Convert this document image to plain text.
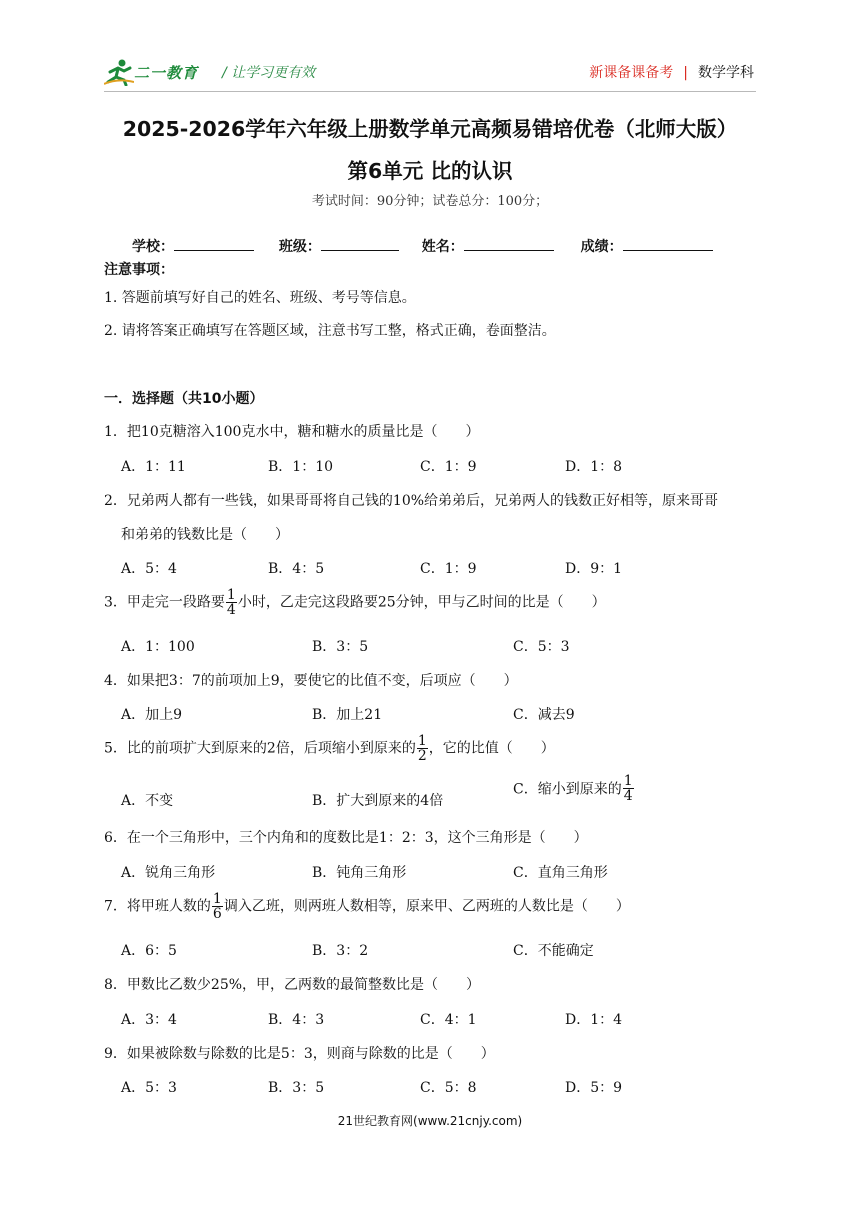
二一教育 / 让学习更有效	新课备课备考 | 数学学科
2025-2026学年六年级上册数学单元高频易错培优卷（北师大版）
第6单元 比的认识
考试时间：90分钟；试卷总分：100分；
学校：	班级：	姓名：	成绩：
注意事项：
1. 答题前填写好自己的姓名、班级、考号等信息。
2. 请将答案正确填写在答题区域，注意书写工整，格式正确，卷面整洁。
一．选择题（共10小题）
1．把10克糖溶入100克水中，糖和糖水的质量比是（　　）
A．1：11	B．1：10	C．1：9	D．1：8
2．兄弟两人都有一些钱，如果哥哥将自己钱的10%给弟弟后，兄弟两人的钱数正好相等，原来哥哥
和弟弟的钱数比是（　　）
A．5：4	B．4：5	C．1：9	D．9：1
3．甲走完一段路要 $\frac{1}{4}$ 小时，乙走完这段路要25分钟，甲与乙时间的比是（　　）
A．1：100	B．3：5	C．5：3
4．如果把3：7的前项加上9，要使它的比值不变，后项应（　　）
A．加上9	B．加上21	C．减去9
5．比的前项扩大到原来的2倍，后项缩小到原来的 $\frac{1}{2}$ ，它的比值（　　）
A．不变	B．扩大到原来的4倍
C．缩小到原来的 $\frac{1}{4}$
6．在一个三角形中，三个内角和的度数比是1：2：3，这个三角形是（　　）
A．锐角三角形	B．钝角三角形	C．直角三角形
7．将甲班人数的 $\frac{1}{6}$ 调入乙班，则两班人数相等，原来甲、乙两班的人数比是（　　）
A．6：5	B．3：2	C．不能确定
8．甲数比乙数少25%，甲，乙两数的最简整数比是（　　）
A．3：4	B．4：3	C．4：1	D．1：4
9．如果被除数与除数的比是5：3，则商与除数的比是（　　）
A．5：3	B．3：5	C．5：8	D．5：9
21世纪教育网(www.21cnjy.com)
